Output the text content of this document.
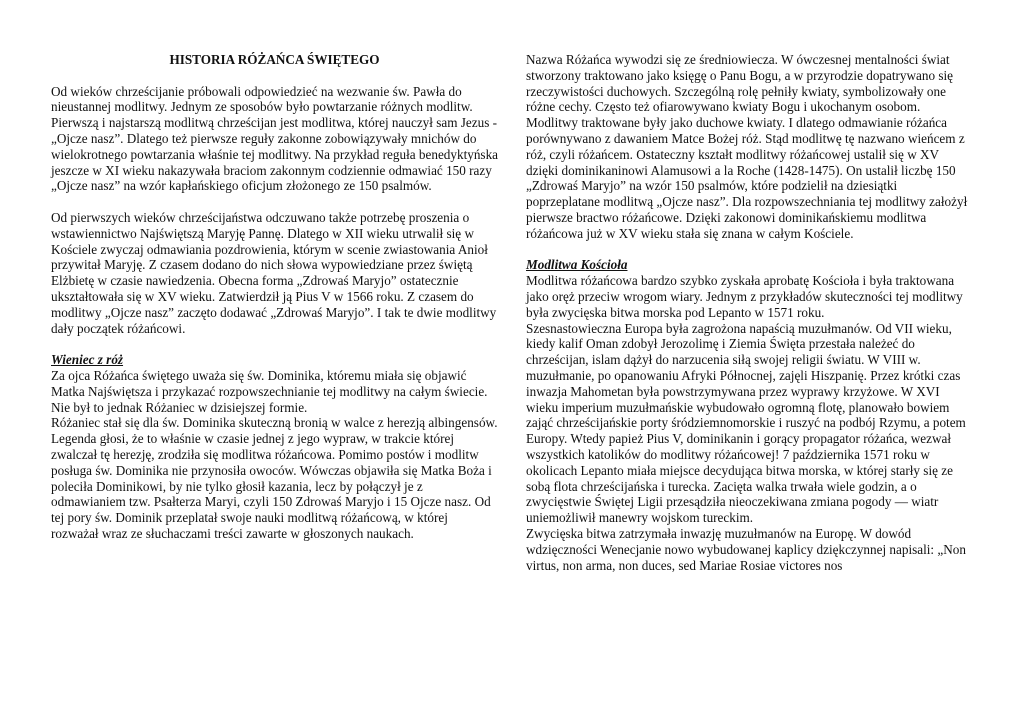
HISTORIA RÓŻAŃCA ŚWIĘTEGO

Od wieków chrześcijanie próbowali odpowiedzieć na wezwanie św. Pawła do nieustannej modlitwy. Jednym ze sposobów było powtarzanie różnych modlitw.

Pierwszą i najstarszą modlitwą chrześcijan jest modlitwa, której nauczył sam Jezus - „Ojcze nasz”. Dlatego też pierwsze reguły zakonne zobowiązywały mnichów do wielokrotnego powtarzania właśnie tej modlitwy. Na przykład reguła benedyktyńska jeszcze w XI wieku nakazywała braciom zakonnym codziennie odmawiać 150 razy „Ojcze nasz” na wzór kapłańskiego oficjum złożonego ze 150 psalmów.

Od pierwszych wieków chrześcijaństwa odczuwano także potrzebę proszenia o wstawiennictwo Najświętszą Maryję Pannę. Dlatego w XII wieku utrwalił się w Kościele zwyczaj odmawiania pozdrowienia, którym w scenie zwiastowania Anioł przywitał Maryję. Z czasem dodano do nich słowa wypowiedziane przez świętą Elżbietę w czasie nawiedzenia. Obecna forma „Zdrowaś Maryjo” ostatecznie ukształtowała się w XV wieku. Zatwierdził ją Pius V w 1566 roku. Z czasem do modlitwy „Ojcze nasz” zaczęto dodawać „Zdrowaś Maryjo”. I tak te dwie modlitwy dały początek różańcowi.

Wieniec z róż

Za ojca Różańca świętego uważa się św. Dominika, któremu miała się objawić Matka Najświętsza i przykazać rozpowszechnianie tej modlitwy na całym świecie. Nie był to jednak Różaniec w dzisiejszej formie.

Różaniec stał się dla św. Dominika skuteczną bronią w walce z herezją albingensów. Legenda głosi, że to właśnie w czasie jednej z jego wypraw, w trakcie której zwalczał tę herezję, zrodziła się modlitwa różańcowa. Pomimo postów i modlitw posługa św. Dominika nie przynosiła owoców. Wówczas objawiła się Matka Boża i poleciła Dominikowi, by nie tylko głosił kazania, lecz by połączył je z odmawianiem tzw. Psałterza Maryi, czyli 150 Zdrowaś Maryjo i 15 Ojcze nasz. Od tej pory św. Dominik przeplatał swoje nauki modlitwą różańcową, w której rozważał wraz ze słuchaczami treści zawarte w głoszonych naukach.

Nazwa Różańca wywodzi się ze średniowiecza. W ówczesnej mentalności świat stworzony traktowano jako księgę o Panu Bogu, a w przyrodzie dopatrywano się rzeczywistości duchowych. Szczególną rolę pełniły kwiaty, symbolizowały one różne cechy. Często też ofiarowywano kwiaty Bogu i ukochanym osobom. Modlitwy traktowane były jako duchowe kwiaty. I dlatego odmawianie różańca porównywano z dawaniem Matce Bożej róż. Stąd modlitwę tę nazwano wieńcem z róż, czyli różańcem. Ostateczny kształt modlitwy różańcowej ustalił się w XV dzięki dominikaninowi Alamusowi a la Roche (1428-1475). On ustalił liczbę 150 „Zdrowaś Maryjo” na wzór 150 psalmów, które podzielił na dziesiątki poprzeplatane modlitwą „Ojcze nasz”. Dla rozpowszechniania tej modlitwy założył pierwsze bractwo różańcowe. Dzięki zakonowi dominikańskiemu modlitwa różańcowa już w XV wieku stała się znana w całym Kościele.

Modlitwa Kościoła

Modlitwa różańcowa bardzo szybko zyskała aprobatę Kościoła i była traktowana jako oręż przeciw wrogom wiary. Jednym z przykładów skuteczności tej modlitwy była zwycięska bitwa morska pod Lepanto w 1571 roku.

Szesnastowieczna Europa była zagrożona napaścią muzułmanów. Od VII wieku, kiedy kalif Oman zdobył Jerozolimę i Ziemia Święta przestała należeć do chrześcijan, islam dążył do narzucenia siłą swojej religii światu. W VIII w. muzułmanie, po opanowaniu Afryki Północnej, zajęli Hiszpanię. Przez krótki czas inwazja Mahometan była powstrzymywana przez wyprawy krzyżowe. W XVI wieku imperium muzułmańskie wybudowało ogromną flotę, planowało bowiem zająć chrześcijańskie porty śródziemnomorskie i ruszyć na podbój Rzymu, a potem Europy. Wtedy papież Pius V, dominikanin i gorący propagator różańca, wezwał wszystkich katolików do modlitwy różańcowej! 7 października 1571 roku w okolicach Lepanto miała miejsce decydująca bitwa morska, w której starły się ze sobą flota chrześcijańska i turecka. Zacięta walka trwała wiele godzin, a o zwycięstwie Świętej Ligii przesądziła nieoczekiwana zmiana pogody — wiatr uniemożliwił manewry wojskom tureckim.

Zwycięska bitwa zatrzymała inwazję muzułmanów na Europę. W dowód wdzięczności Wenecjanie nowo wybudowanej kaplicy dziękczynnej napisali: „Non virtus, non arma, non duces, sed Mariae Rosiae victores nos
